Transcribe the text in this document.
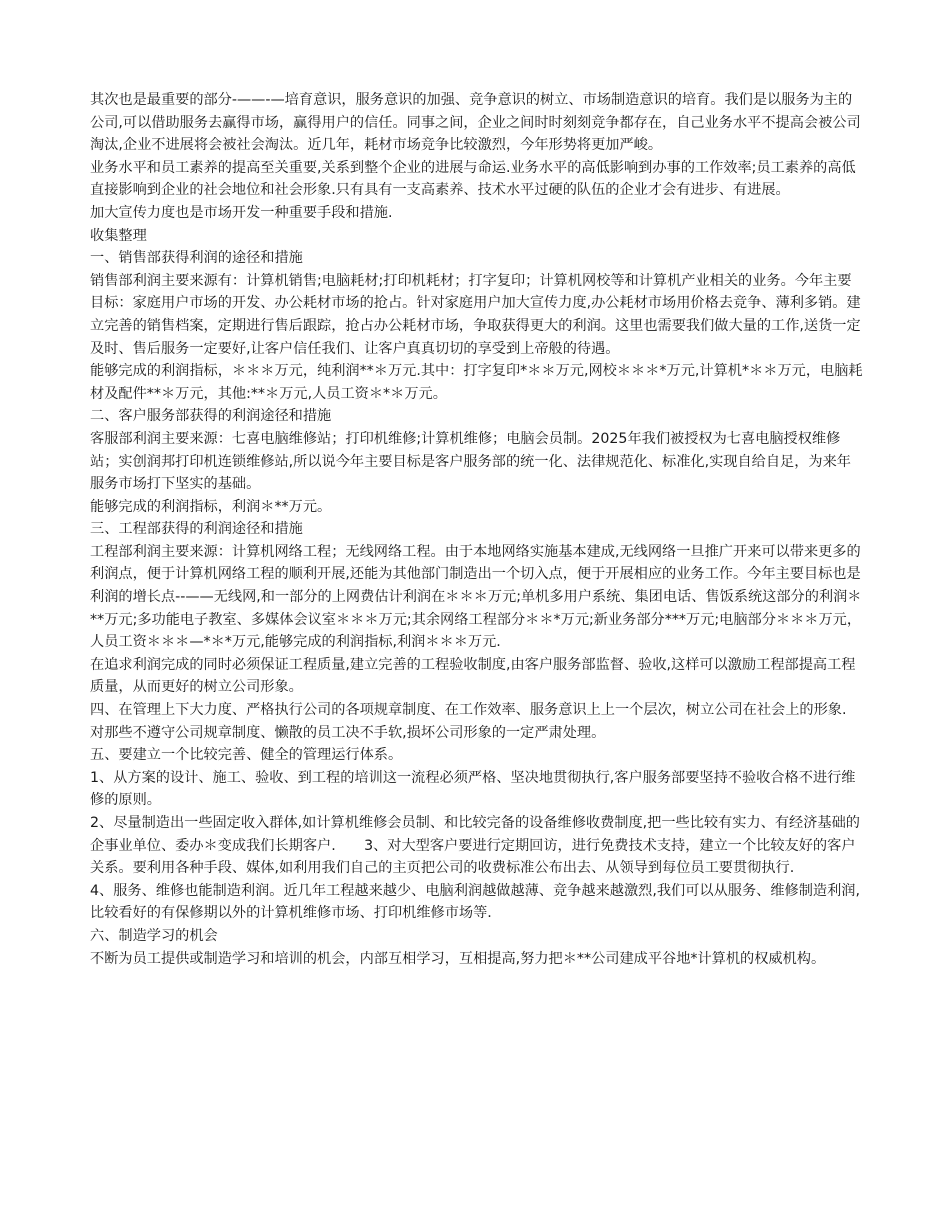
其次也是最重要的部分-——-—培育意识，服务意识的加强、竞争意识的树立、市场制造意识的培育。我们是以服务为主的公司,可以借助服务去赢得市场，赢得用户的信任。同事之间，企业之间时时刻刻竞争都存在，自己业务水平不提高会被公司淘汰,企业不进展将会被社会淘汰。近几年，耗材市场竞争比较激烈，今年形势将更加严峻。

业务水平和员工素养的提高至关重要,关系到整个企业的进展与命运.业务水平的高低影响到办事的工作效率;员工素养的高低直接影响到企业的社会地位和社会形象.只有具有一支高素养、技术水平过硬的队伍的企业才会有进步、有进展。

加大宣传力度也是市场开发一种重要手段和措施.

收集整理

一、销售部获得利润的途径和措施

销售部利润主要来源有：计算机销售;电脑耗材;打印机耗材；打字复印；计算机网校等和计算机产业相关的业务。今年主要目标：家庭用户市场的开发、办公耗材市场的抢占。针对家庭用户加大宣传力度,办公耗材市场用价格去竞争、薄利多销。建立完善的销售档案，定期进行售后跟踪，抢占办公耗材市场，争取获得更大的利润。这里也需要我们做大量的工作,送货一定及时、售后服务一定要好,让客户信任我们、让客户真真切切的享受到上帝般的待遇。

能够完成的利润指标，＊＊＊万元，纯利润**＊万元.其中：打字复印*＊＊万元,网校＊＊＊*万元,计算机*＊＊万元，电脑耗材及配件**＊万元，其他:**＊万元,人员工资＊*＊万元。

二、客户服务部获得的利润途径和措施

客服部利润主要来源：七喜电脑维修站；打印机维修;计算机维修；电脑会员制。2025年我们被授权为七喜电脑授权维修站；实创润邦打印机连锁维修站,所以说今年主要目标是客户服务部的统一化、法律规范化、标准化,实现自给自足，为来年服务市场打下坚实的基础。

能够完成的利润指标，利润＊**万元。

三、工程部获得的利润途径和措施

工程部利润主要来源：计算机网络工程；无线网络工程。由于本地网络实施基本建成,无线网络一旦推广开来可以带来更多的利润点，便于计算机网络工程的顺利开展,还能为其他部门制造出一个切入点，便于开展相应的业务工作。今年主要目标也是利润的增长点--——无线网,和一部分的上网费估计利润在＊＊＊万元;单机多用户系统、集团电话、售饭系统这部分的利润＊**万元;多功能电子教室、多媒体会议室＊＊＊万元;其余网络工程部分＊＊*万元;新业务部分***万元;电脑部分＊＊＊万元，人员工资＊＊＊—*＊*万元,能够完成的利润指标,利润＊＊＊万元.

在追求利润完成的同时必须保证工程质量,建立完善的工程验收制度,由客户服务部监督、验收,这样可以激励工程部提高工程质量，从而更好的树立公司形象。

四、在管理上下大力度、严格执行公司的各项规章制度、在工作效率、服务意识上上一个层次，树立公司在社会上的形象.

对那些不遵守公司规章制度、懒散的员工决不手软,损坏公司形象的一定严肃处理。

五、要建立一个比较完善、健全的管理运行体系。

1、从方案的设计、施工、验收、到工程的培训这一流程必须严格、坚决地贯彻执行,客户服务部要坚持不验收合格不进行维修的原则。

2、尽量制造出一些固定收入群体,如计算机维修会员制、和比较完备的设备维修收费制度,把一些比较有实力、有经济基础的企事业单位、委办＊变成我们长期客户.　　3、对大型客户要进行定期回访，进行免费技术支持，建立一个比较友好的客户关系。要利用各种手段、媒体,如利用我们自己的主页把公司的收费标准公布出去、从领导到每位员工要贯彻执行.

4、服务、维修也能制造利润。近几年工程越来越少、电脑利润越做越薄、竞争越来越激烈,我们可以从服务、维修制造利润,比较看好的有保修期以外的计算机维修市场、打印机维修市场等.

六、制造学习的机会

不断为员工提供或制造学习和培训的机会，内部互相学习，互相提高,努力把＊**公司建成平谷地*计算机的权威机构。
